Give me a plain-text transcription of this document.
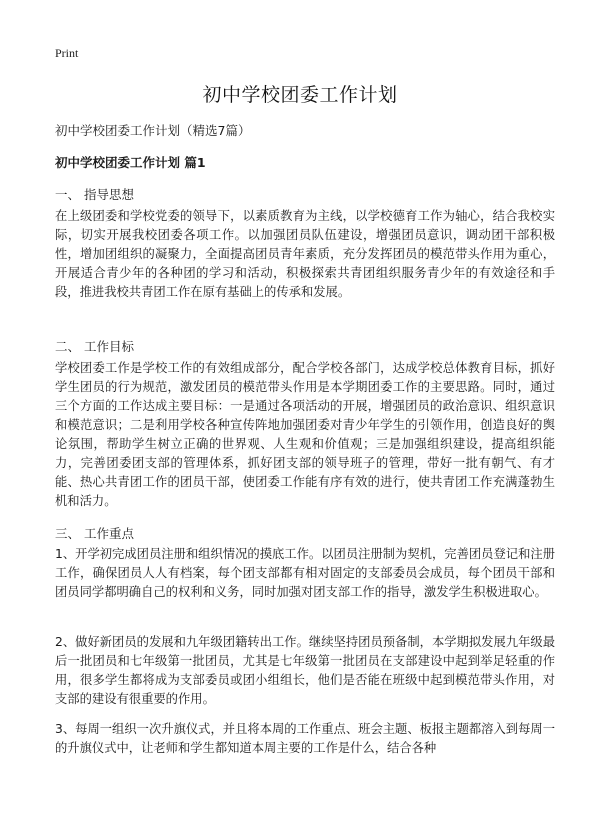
Print
初中学校团委工作计划
初中学校团委工作计划（精选7篇）
初中学校团委工作计划 篇1
一、 指导思想
在上级团委和学校党委的领导下，以素质教育为主线，以学校德育工作为轴心，结合我校实际，切实开展我校团委各项工作。以加强团员队伍建设，增强团员意识，调动团干部积极性，增加团组织的凝聚力，全面提高团员青年素质，充分发挥团员的模范带头作用为重心，开展适合青少年的各种团的学习和活动，积极探索共青团组织服务青少年的有效途径和手段，推进我校共青团工作在原有基础上的传承和发展。
二、 工作目标
学校团委工作是学校工作的有效组成部分，配合学校各部门，达成学校总体教育目标，抓好学生团员的行为规范，激发团员的模范带头作用是本学期团委工作的主要思路。同时，通过三个方面的工作达成主要目标：一是通过各项活动的开展，增强团员的政治意识、组织意识和模范意识；二是利用学校各种宣传阵地加强团委对青少年学生的引领作用，创造良好的舆论氛围，帮助学生树立正确的世界观、人生观和价值观；三是加强组织建设，提高组织能力，完善团委团支部的管理体系，抓好团支部的领导班子的管理，带好一批有朝气、有才能、热心共青团工作的团员干部，使团委工作能有序有效的进行，使共青团工作充满蓬勃生机和活力。
三、 工作重点
1、开学初完成团员注册和组织情况的摸底工作。以团员注册制为契机，完善团员登记和注册工作，确保团员人人有档案，每个团支部都有相对固定的支部委员会成员，每个团员干部和团员同学都明确自己的权利和义务，同时加强对团支部工作的指导，激发学生积极进取心。
2、做好新团员的发展和九年级团籍转出工作。继续坚持团员预备制，本学期拟发展九年级最后一批团员和七年级第一批团员，尤其是七年级第一批团员在支部建设中起到举足轻重的作用，很多学生都将成为支部委员或团小组组长，他们是否能在班级中起到模范带头作用，对支部的建设有很重要的作用。
3、每周一组织一次升旗仪式，并且将本周的工作重点、班会主题、板报主题都溶入到每周一的升旗仪式中，让老师和学生都知道本周主要的工作是什么，结合各种
